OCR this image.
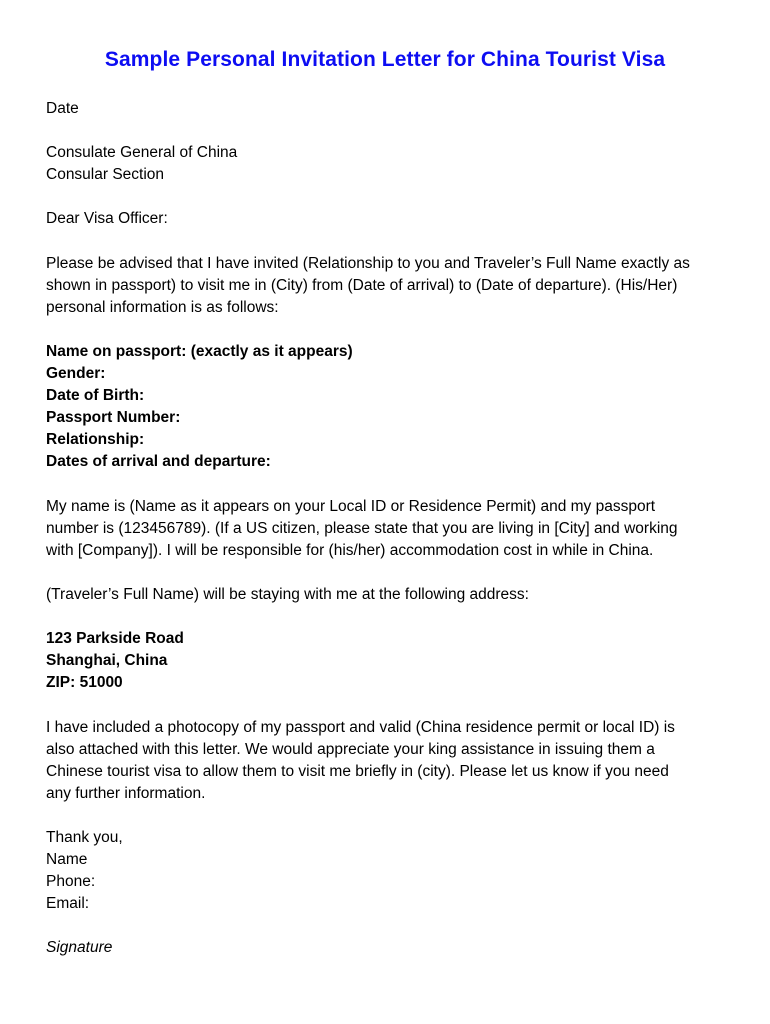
Sample Personal Invitation Letter for China Tourist Visa
Date
Consulate General of China
Consular Section
Dear Visa Officer:
Please be advised that I have invited (Relationship to you and Traveler’s Full Name exactly as
shown in passport) to visit me in (City) from (Date of arrival) to (Date of departure). (His/Her)
personal information is as follows:
Name on passport: (exactly as it appears)
Gender:
Date of Birth:
Passport Number:
Relationship:
Dates of arrival and departure:
My name is (Name as it appears on your Local ID or Residence Permit) and my passport
number is (123456789). (If a US citizen, please state that you are living in [City] and working
with [Company]). I will be responsible for (his/her) accommodation cost in while in China.
(Traveler’s Full Name) will be staying with me at the following address:
123 Parkside Road
Shanghai, China
ZIP: 51000
I have included a photocopy of my passport and valid (China residence permit or local ID) is
also attached with this letter. We would appreciate your king assistance in issuing them a
Chinese tourist visa to allow them to visit me briefly in (city). Please let us know if you need
any further information.
Thank you,
Name
Phone:
Email:
Signature
